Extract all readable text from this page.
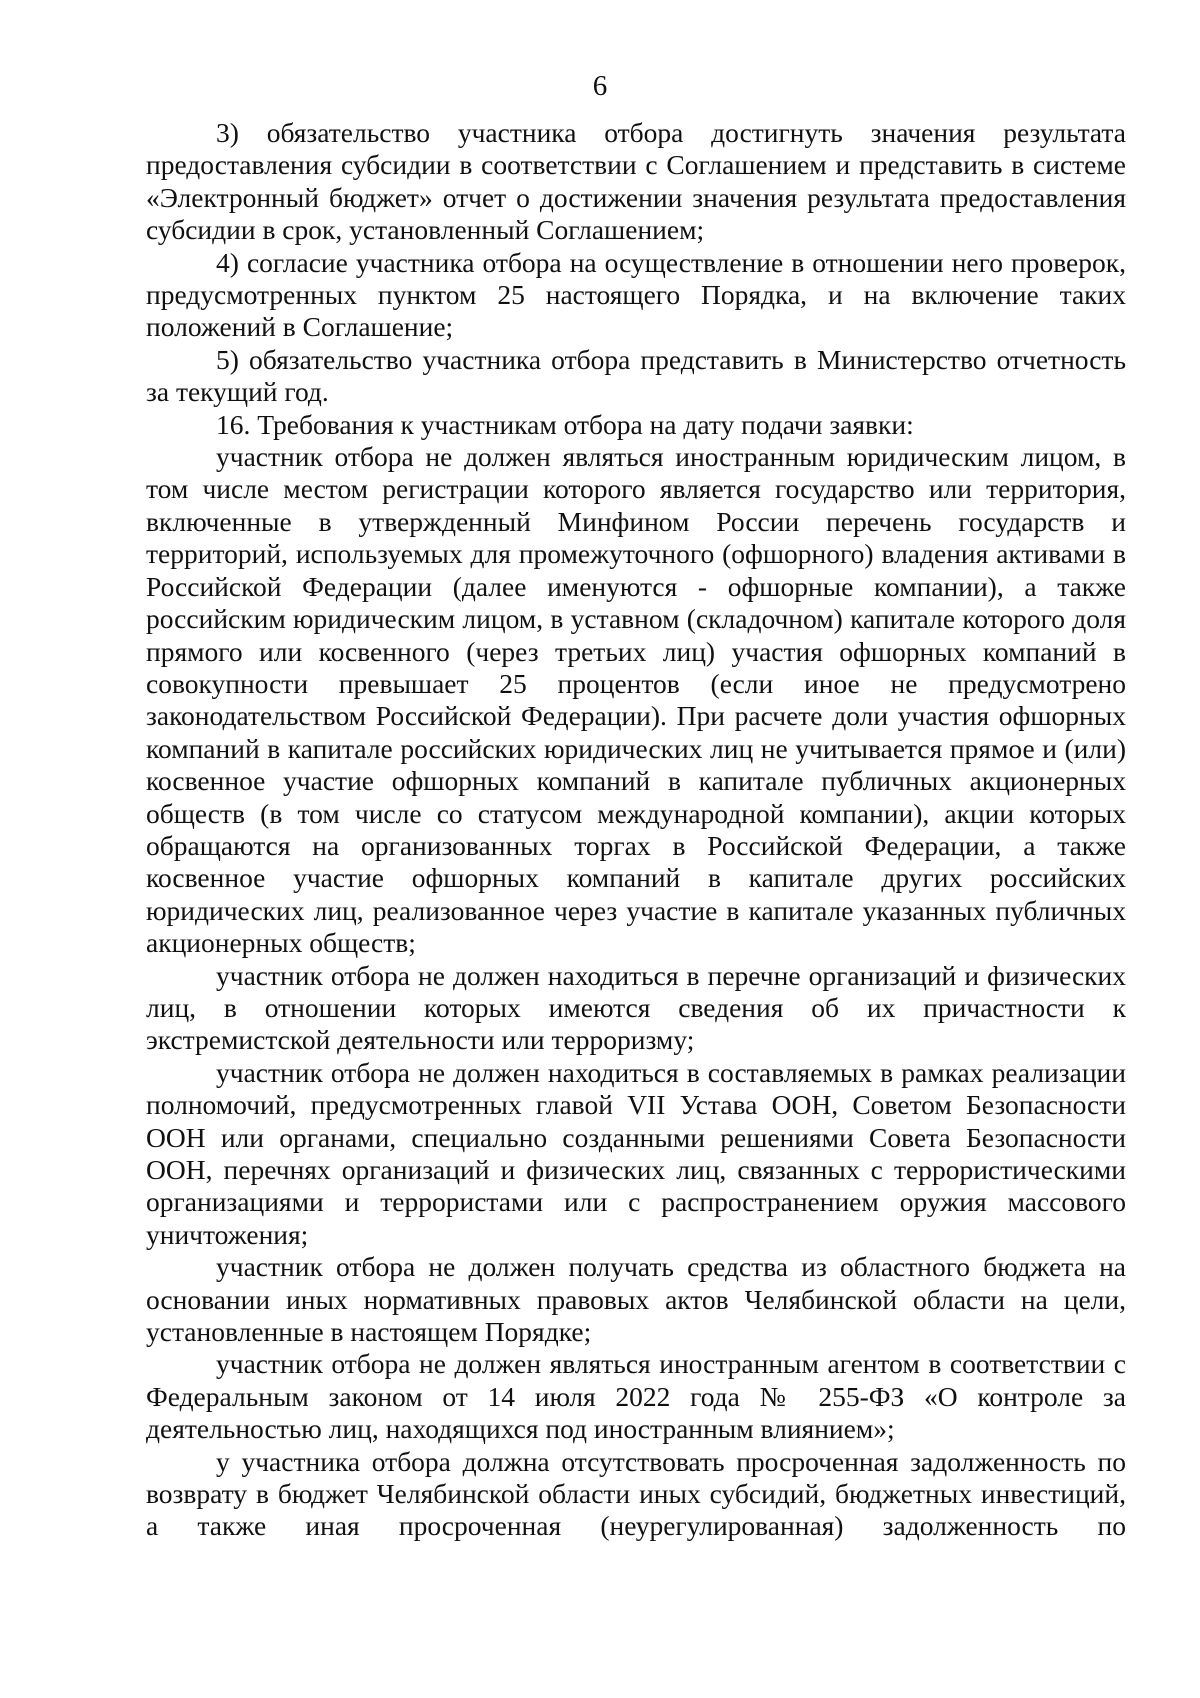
6

3) обязательство участника отбора достигнуть значения результата предоставления субсидии в соответствии с Соглашением и представить в системе «Электронный бюджет» отчет о достижении значения результата предоставления субсидии в срок, установленный Соглашением;

4) согласие участника отбора на осуществление в отношении него проверок, предусмотренных пунктом 25 настоящего Порядка, и на включение таких положений в Соглашение;

5) обязательство участника отбора представить в Министерство отчетность за текущий год.

16. Требования к участникам отбора на дату подачи заявки:

участник отбора не должен являться иностранным юридическим лицом, в том числе местом регистрации которого является государство или территория, включенные в утвержденный Минфином России перечень государств и территорий, используемых для промежуточного (офшорного) владения активами в Российской Федерации (далее именуются - офшорные компании), а также российским юридическим лицом, в уставном (складочном) капитале которого доля прямого или косвенного (через третьих лиц) участия офшорных компаний в совокупности превышает 25 процентов (если иное не предусмотрено законодательством Российской Федерации). При расчете доли участия офшорных компаний в капитале российских юридических лиц не учитывается прямое и (или) косвенное участие офшорных компаний в капитале публичных акционерных обществ (в том числе со статусом международной компании), акции которых обращаются на организованных торгах в Российской Федерации, а также косвенное участие офшорных компаний в капитале других российских юридических лиц, реализованное через участие в капитале указанных публичных акционерных обществ;

участник отбора не должен находиться в перечне организаций и физических лиц, в отношении которых имеются сведения об их причастности к экстремистской деятельности или терроризму;

участник отбора не должен находиться в составляемых в рамках реализации полномочий, предусмотренных главой VII Устава ООН, Советом Безопасности ООН или органами, специально созданными решениями Совета Безопасности ООН, перечнях организаций и физических лиц, связанных с террористическими организациями и террористами или с распространением оружия массового уничтожения;

участник отбора не должен получать средства из областного бюджета на основании иных нормативных правовых актов Челябинской области на цели, установленные в настоящем Порядке;

участник отбора не должен являться иностранным агентом в соответствии с Федеральным законом от 14 июля 2022 года № 255-ФЗ «О контроле за деятельностью лиц, находящихся под иностранным влиянием»;

у участника отбора должна отсутствовать просроченная задолженность по возврату в бюджет Челябинской области иных субсидий, бюджетных инвестиций, а также иная просроченная (неурегулированная) задолженность по
